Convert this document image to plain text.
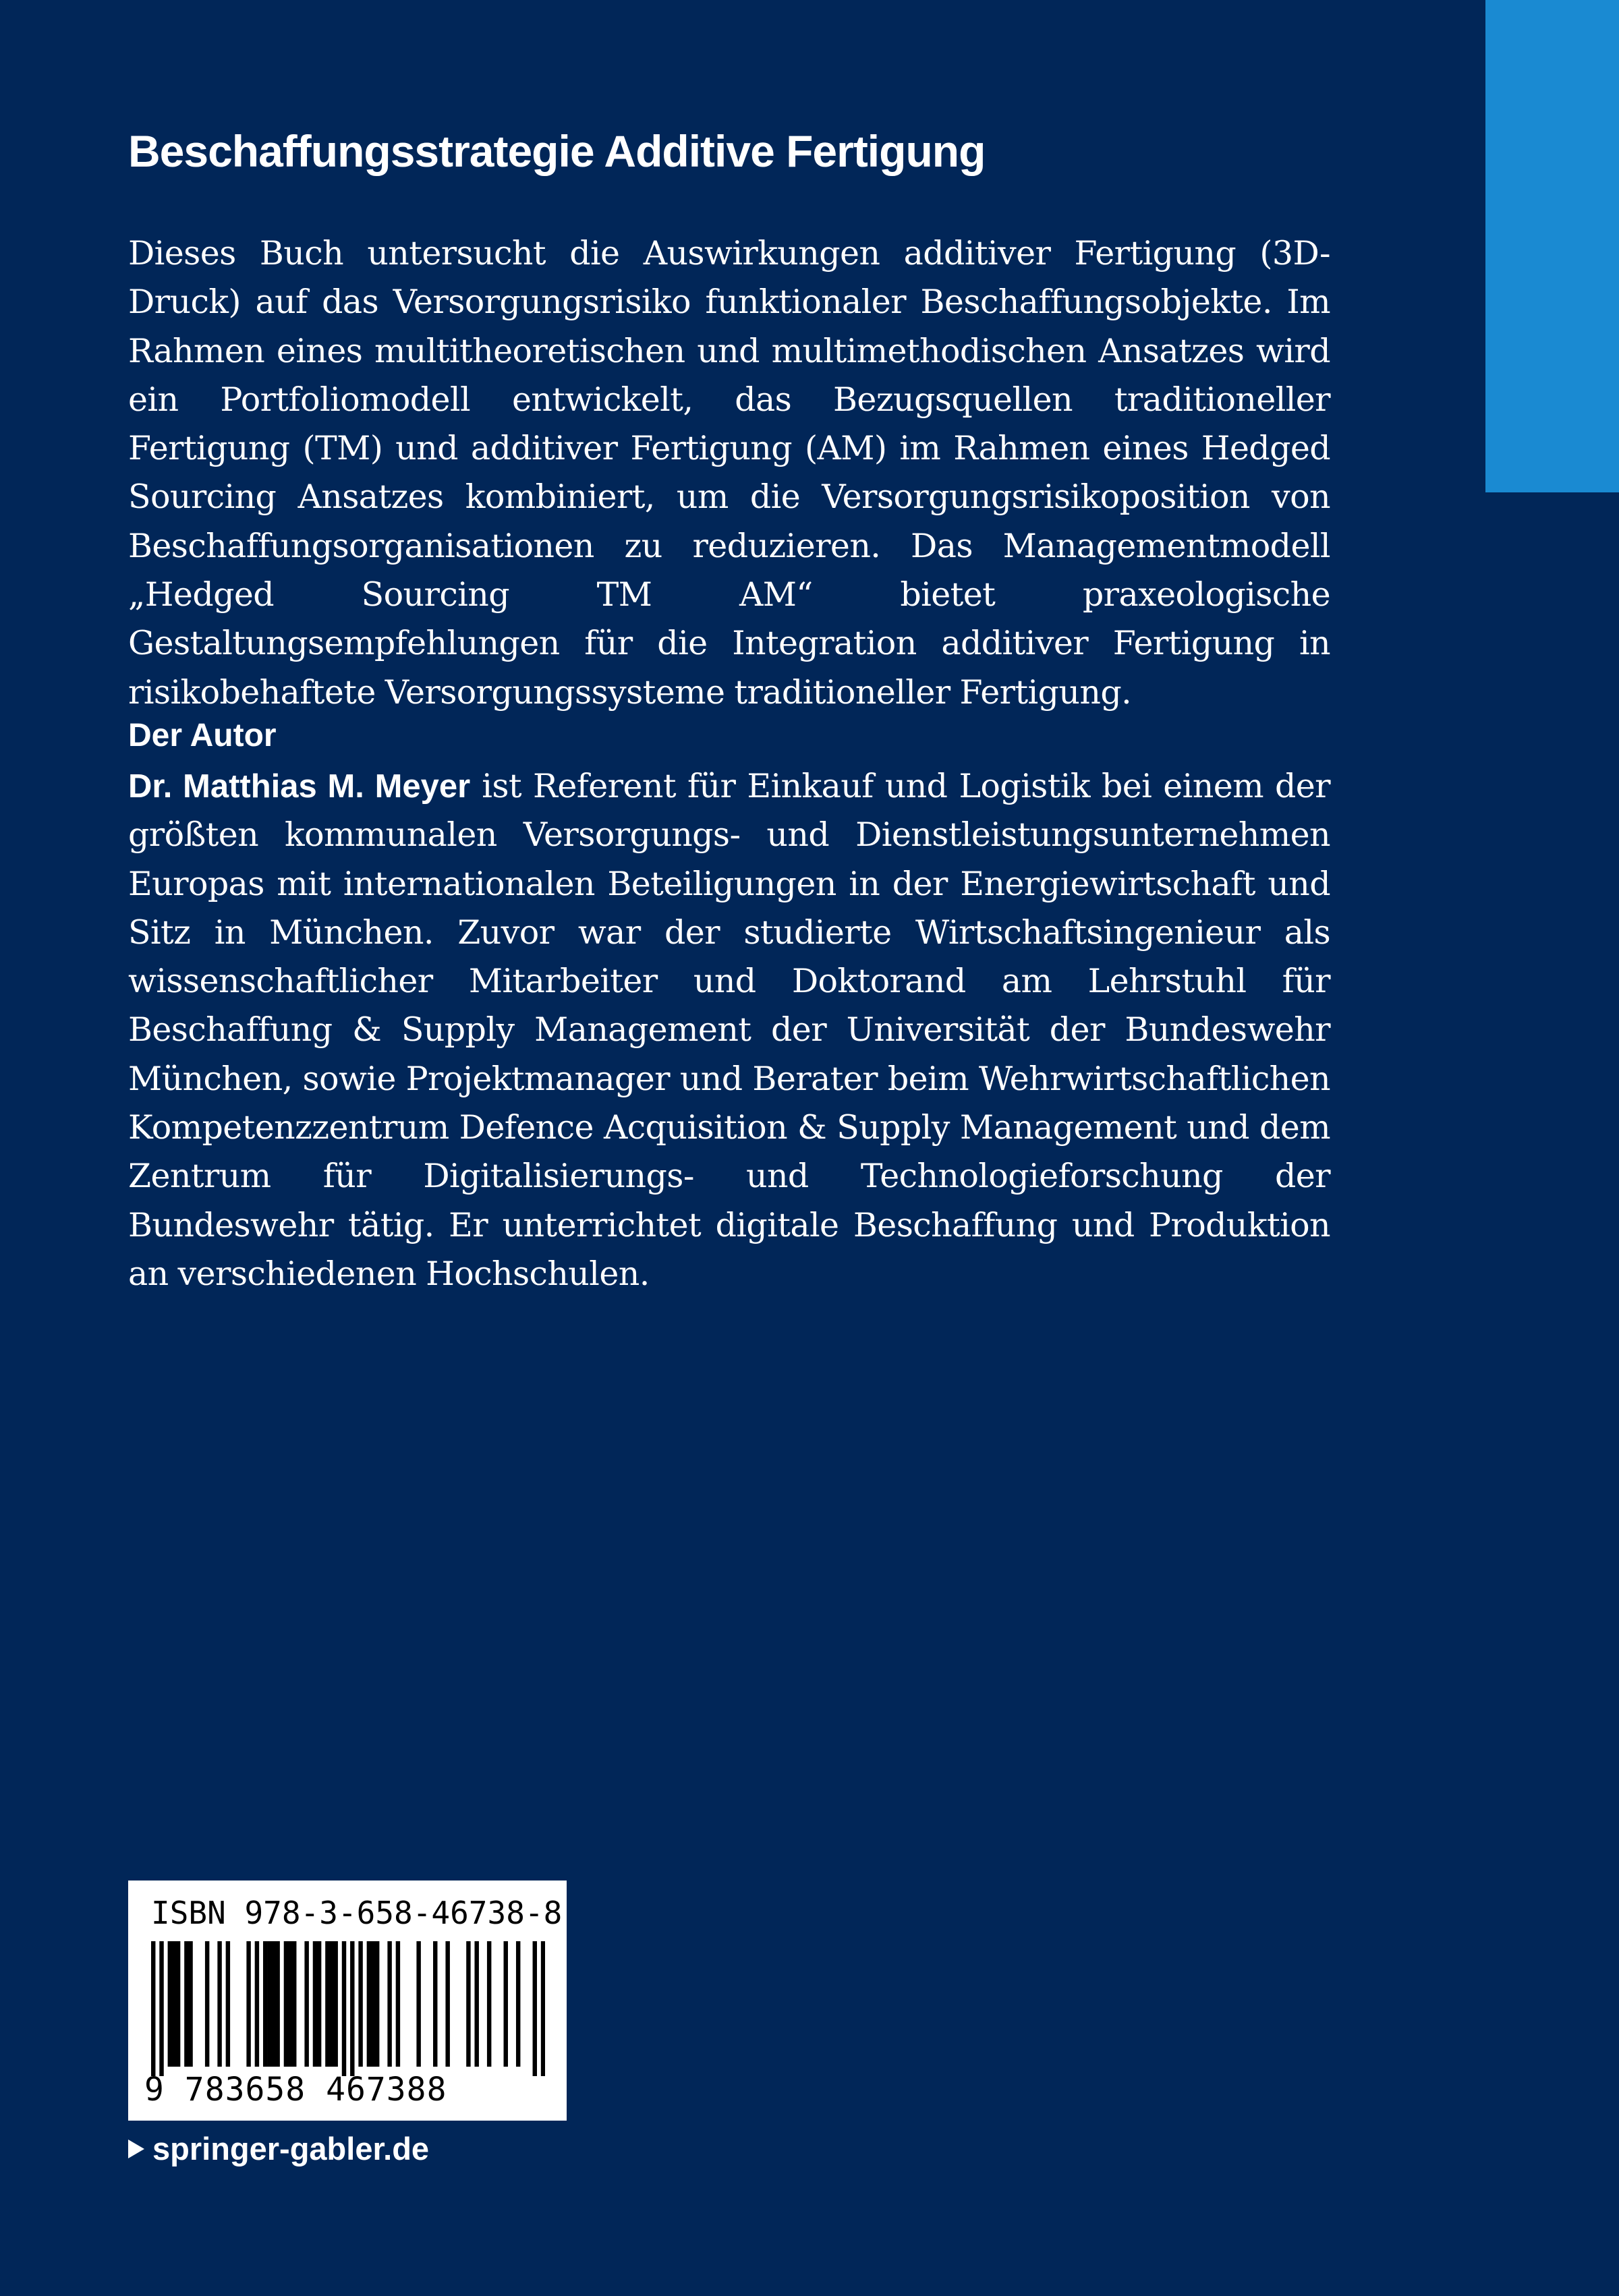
Beschaffungsstrategie Additive Fertigung

Dieses Buch untersucht die Auswirkungen additiver Fertigung (3D-Druck) auf das Versorgungsrisiko funktionaler Beschaffungsobjekte. Im Rahmen eines multitheoretischen und multimethodischen Ansatzes wird ein Portfoliomodell entwickelt, das Bezugsquellen traditioneller Fertigung (TM) und additiver Fertigung (AM) im Rahmen eines Hedged Sourcing Ansatzes kombiniert, um die Versorgungsrisikoposition von Beschaffungsorganisationen zu reduzieren. Das Managementmodell „Hedged Sourcing TM AM“ bietet praxeologische Gestaltungsempfehlungen für die Integration additiver Fertigung in risikobehaftete Versorgungssysteme traditioneller Fertigung.

Der Autor

Dr. Matthias M. Meyer ist Referent für Einkauf und Logistik bei einem der größten kommunalen Versorgungs- und Dienstleistungsunternehmen Europas mit internationalen Beteiligungen in der Energiewirtschaft und Sitz in München. Zuvor war der studierte Wirtschaftsingenieur als wissenschaftlicher Mitarbeiter und Doktorand am Lehrstuhl für Beschaffung & Supply Management der Universität der Bundeswehr München, sowie Projektmanager und Berater beim Wehrwirtschaftlichen Kompetenzzentrum Defence Acquisition & Supply Management und dem Zentrum für Digitalisierungs- und Technologieforschung der Bundeswehr tätig. Er unterrichtet digitale Beschaffung und Produktion an verschiedenen Hochschulen.

ISBN 978-3-658-46738-8
9 783658 467388
springer-gabler.de
